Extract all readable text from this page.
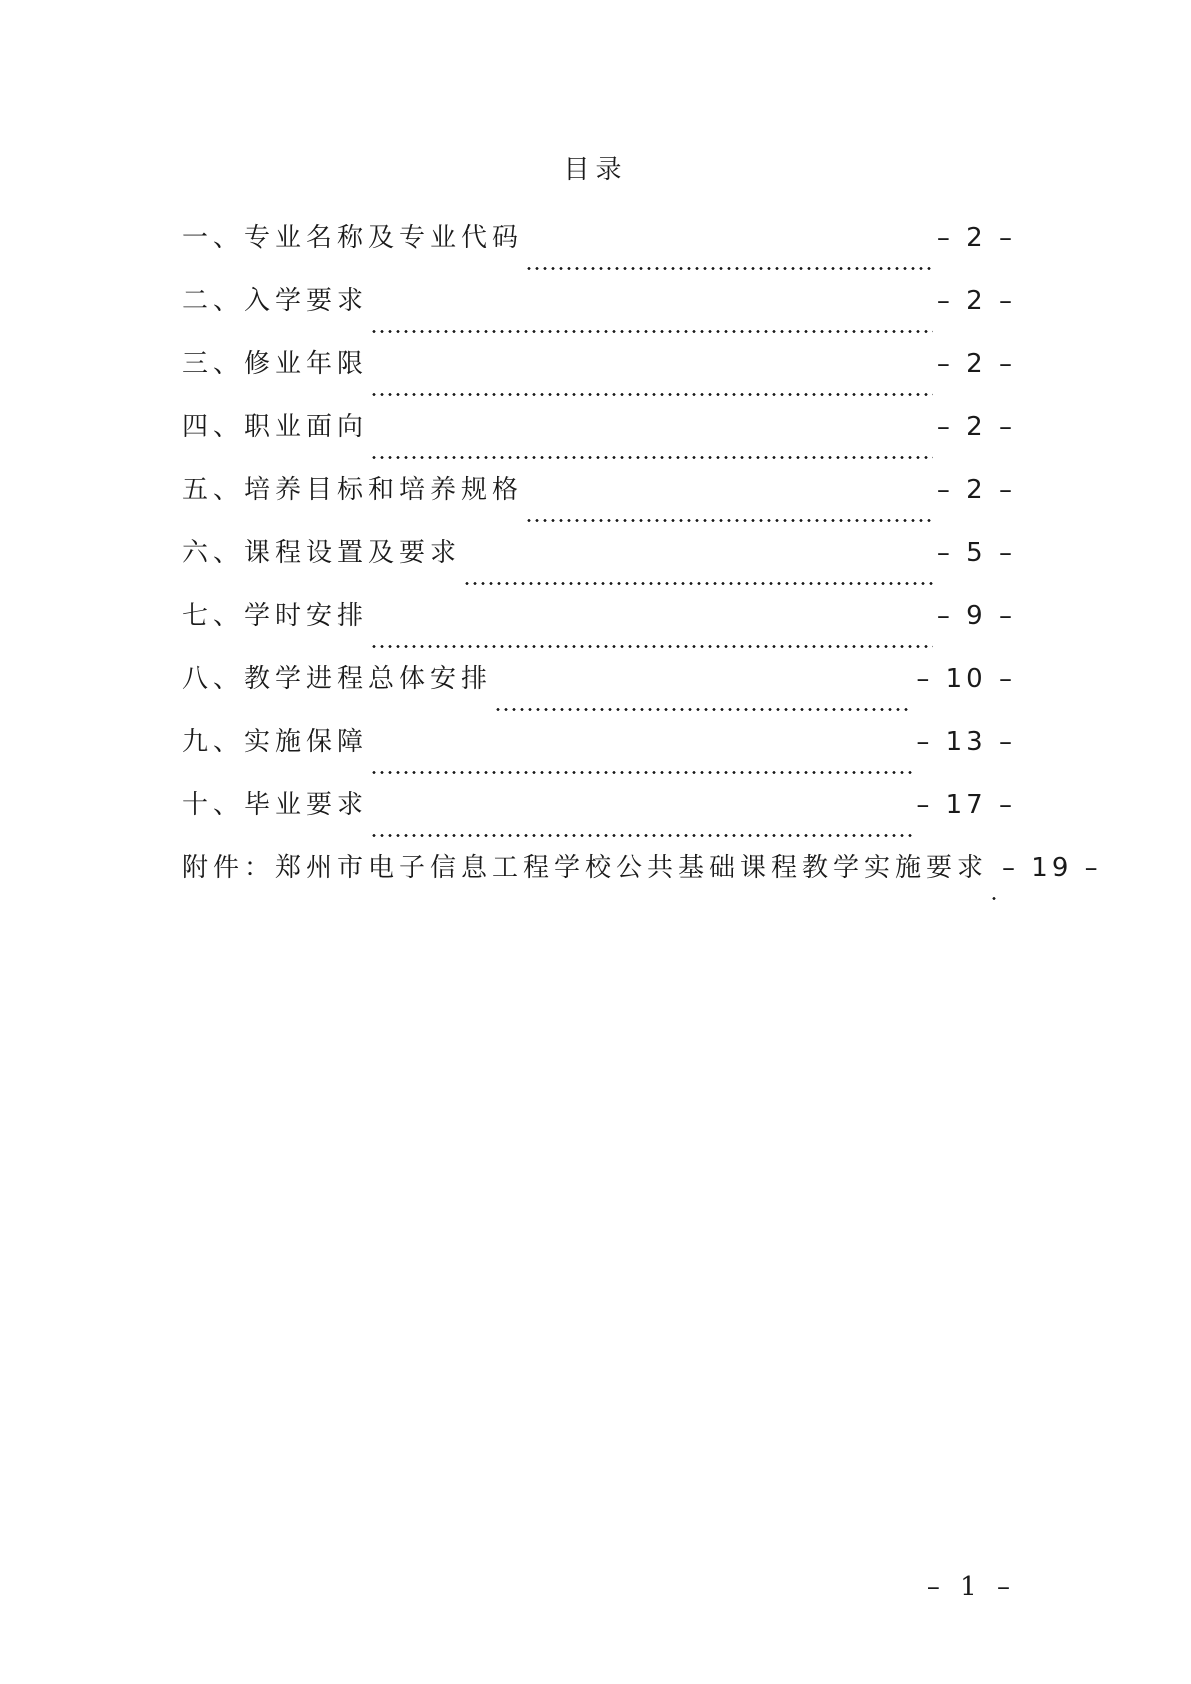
目录
一、专业名称及专业代码	– 2 –
二、入学要求	– 2 –
三、修业年限	– 2 –
四、职业面向	– 2 –
五、培养目标和培养规格	– 2 –
六、课程设置及要求	– 5 –
七、学时安排	– 9 –
八、教学进程总体安排	– 10 –
九、实施保障	– 13 –
十、毕业要求	– 17 –
附件：郑州市电子信息工程学校公共基础课程教学实施要求 – 19 –
– 1 –
